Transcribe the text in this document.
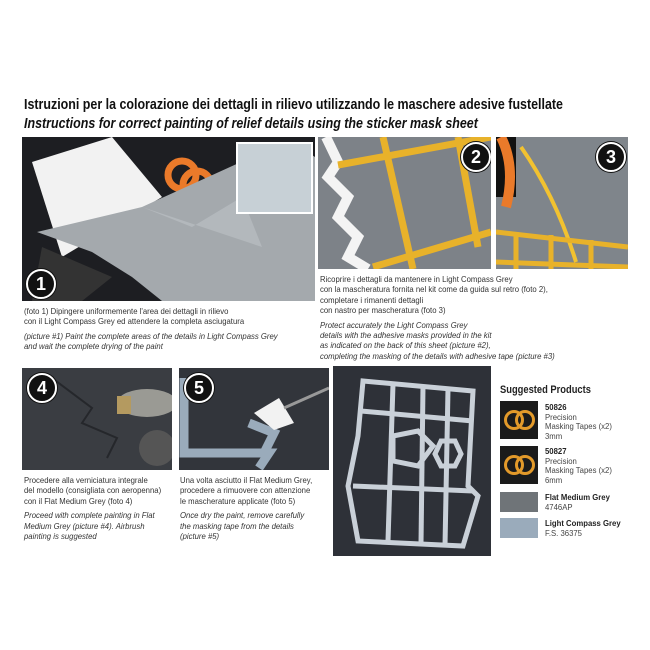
Istruzioni per la colorazione dei dettagli in rilievo utilizzando le maschere adesive fustellate
Instructions for correct painting of relief details using the sticker mask sheet
1

(foto 1) Dipingere uniformemente l'area dei dettagli in rilievo
con il Light Compass Grey ed attendere la completa asciugatura

(picture #1) Paint the complete areas of the details in Light Compass Grey
and wait the complete drying of the paint

2	3

Ricoprire i dettagli da mantenere in Light Compass Grey
con la mascheratura fornita nel kit come da guida sul retro (foto 2),
completare i rimanenti dettagli
con nastro per mascheratura (foto 3)

Protect accurately the Light Compass Grey
details with the adhesive masks provided in the kit
as indicated on the back of this sheet (picture #2),
completing the masking of the details with adhesive tape (picture #3)

4

Procedere alla verniciatura integrale
del modello (consigliata con aeropenna)
con il Flat Medium Grey (foto 4)

Proceed with complete painting in Flat
Medium Grey (picture #4). Airbrush
painting is suggested

5

Una volta asciutto il Flat Medium Grey,
procedere a rimuovere con attenzione
le mascherature applicate (foto 5)

Once dry the paint, remove carefully
the masking tape from the details
(picture #5)

Suggested Products
50826
Precision
Masking Tapes (x2)
3mm
50827
Precision
Masking Tapes (x2)
6mm
Flat Medium Grey
4746AP
Light Compass Grey
F.S. 36375
